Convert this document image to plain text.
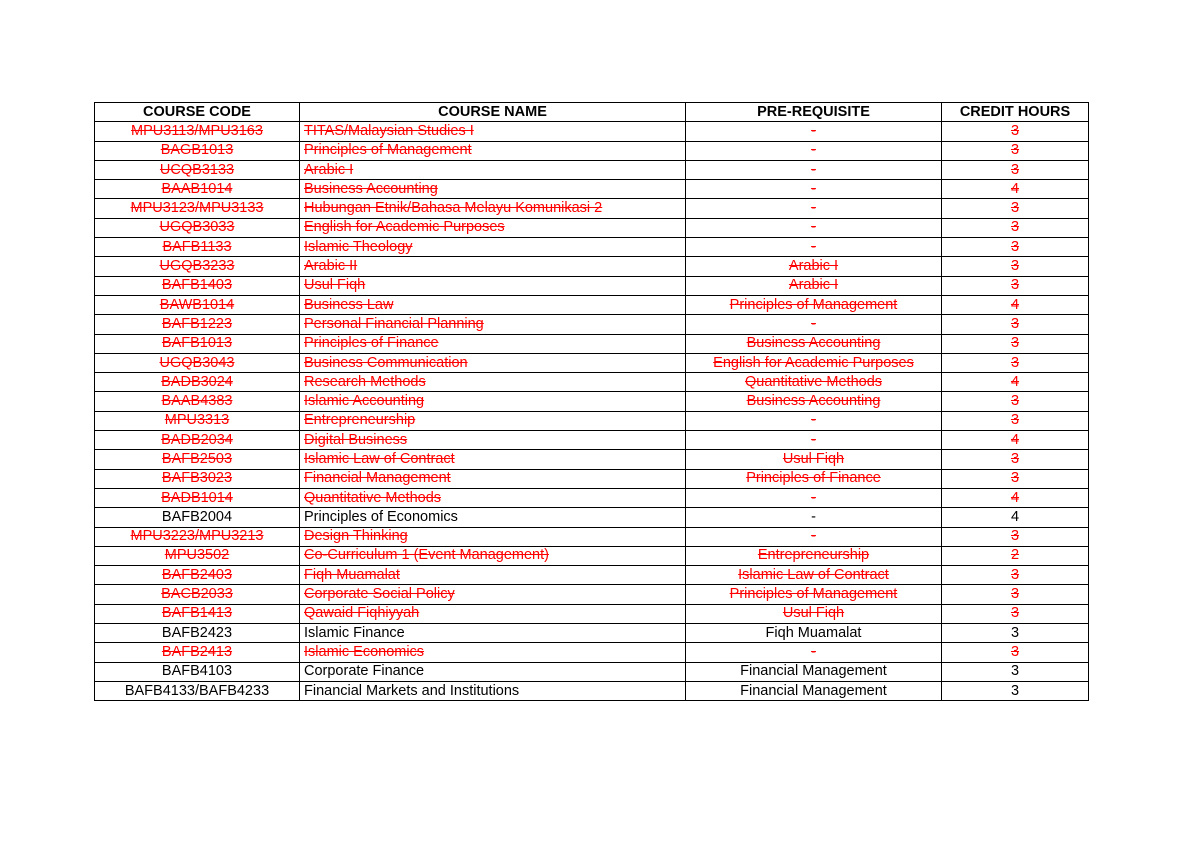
COURSE CODE	COURSE NAME	PRE-REQUISITE	CREDIT HOURS
MPU3113/MPU3163	TITAS/Malaysian Studies I	-	3
BAGB1013	Principles of Management	-	3
UCQB3133	Arabic I	-	3
BAAB1014	Business Accounting	-	4
MPU3123/MPU3133	Hubungan Etnik/Bahasa Melayu Komunikasi 2	-	3
UGQB3033	English for Academic Purposes	-	3
BAFB1133	Islamic Theology	-	3
UGQB3233	Arabic II	Arabic I	3
BAFB1403	Usul Fiqh	Arabic I	3
BAWB1014	Business Law	Principles of Management	4
BAFB1223	Personal Financial Planning	-	3
BAFB1013	Principles of Finance	Business Accounting	3
UGQB3043	Business Communication	English for Academic Purposes	3
BADB3024	Research Methods	Quantitative Methods	4
BAAB4383	Islamic Accounting	Business Accounting	3
MPU3313	Entrepreneurship	-	3
BADB2034	Digital Business	-	4
BAFB2503	Islamic Law of Contract	Usul Fiqh	3
BAFB3023	Financial Management	Principles of Finance	3
BADB1014	Quantitative Methods	-	4
BAFB2004	Principles of Economics	-	4
MPU3223/MPU3213	Design Thinking	-	3
MPU3502	Co-Curriculum 1 (Event Management)	Entrepreneurship	2
BAFB2403	Fiqh Muamalat	Islamic Law of Contract	3
BACB2033	Corporate Social Policy	Principles of Management	3
BAFB1413	Qawaid Fiqhiyyah	Usul Fiqh	3
BAFB2423	Islamic Finance	Fiqh Muamalat	3
BAFB2413	Islamic Economics	-	3
BAFB4103	Corporate Finance	Financial Management	3
BAFB4133/BAFB4233	Financial Markets and Institutions	Financial Management	3
